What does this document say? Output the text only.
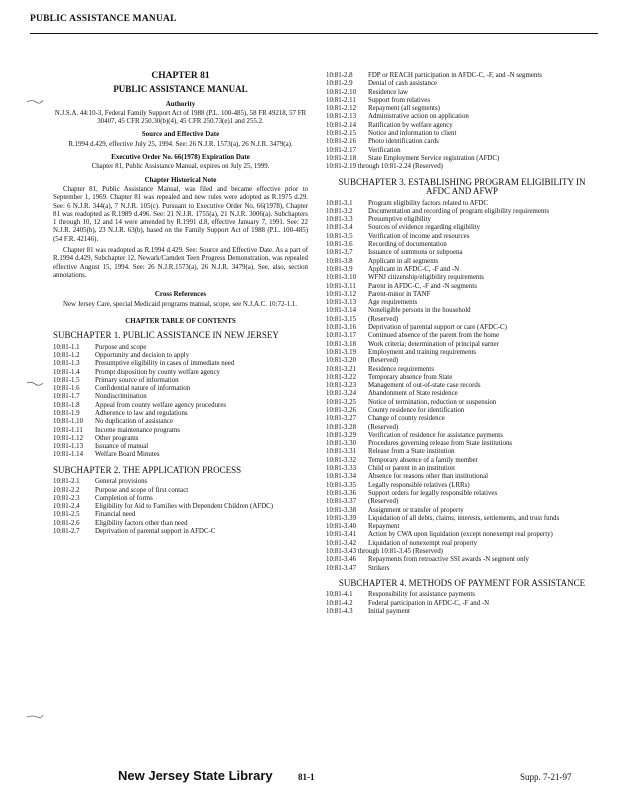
PUBLIC ASSISTANCE MANUAL
CHAPTER 81
PUBLIC ASSISTANCE MANUAL
Authority
N.J.S.A. 44:10-3, Federal Family Support Act of 1988 (P.L. 100-485), 58 FR 49218, 57 FR 30407, 45 CFR 250.30(b)(4), 45 CFR 250.73(e)1 and 255.2.
Source and Effective Date
R.1994 d.429, effective July 25, 1994. See: 26 N.J.R. 1573(a), 26 N.J.R. 3479(a).
Executive Order No. 66(1978) Expiration Date
Chapter 81, Public Assistance Manual, expires on July 25, 1999.
Chapter Historical Note
Chapter 81, Public Assistance Manual, was filed and became effective prior to September 1, 1969. Chapter 81 was repealed and new rules were adopted as R.1975 d.29. See: 6 N.J.R. 344(a), 7 N.J.R. 105(c). Pursuant to Executive Order No. 66(1978), Chapter 81 was readopted as R.1989 d.496. See: 21 N.J.R. 1755(a), 21 N.J.R. 3006(a). Subchapters 1 through 10, 12 and 14 were amended by R.1991 d.8, effective January 7, 1991. See: 22 N.J.R. 2405(b), 23 N.J.R. 63(b), based on the Family Support Act of 1988 (P.L. 100-485) (54 F.R. 42146).
Chapter 81 was readopted as R.1994 d.429. See: Source and Effective Date. As a part of R.1994 d.429, Subchapter 12, Newark/Camden Teen Progress Demonstration, was repealed effective August 15, 1994. See: 26 N.J.R.1573(a), 26 N.J.R. 3479(a). See, also, section annotations.
Cross References
New Jersey Care, special Medicaid programs manual, scope, see N.J.A.C. 10:72-1.1.
CHAPTER TABLE OF CONTENTS
SUBCHAPTER 1. PUBLIC ASSISTANCE IN NEW JERSEY
10:81-1.1	Purpose and scope
10:81-1.2	Opportunity and decision to apply
10:81-1.3	Presumptive eligibility in cases of immediate need
10:81-1.4	Prompt disposition by county welfare agency
10:81-1.5	Primary source of information
10:81-1.6	Confidential nature of information
10:81-1.7	Nondiscrimination
10:81-1.8	Appeal from county welfare agency procedures
10:81-1.9	Adherence to law and regulations
10:81-1.10	No duplication of assistance
10:81-1.11	Income maintenance programs
10:81-1.12	Other programs
10:81-1.13	Issuance of manual
10:81-1.14	Welfare Board Minutes
SUBCHAPTER 2. THE APPLICATION PROCESS
10:81-2.1	General provisions
10:81-2.2	Purpose and scope of first contact
10:81-2.3	Completion of forms
10:81-2.4	Eligibility for Aid to Families with Dependent Children (AFDC)
10:81-2.5	Financial need
10:81-2.6	Eligibility factors other than need
10:81-2.7	Deprivation of parental support in AFDC-C
10:81-2.8	FDP or REACH participation in AFDC-C, -F, and -N segments
10:81-2.9	Denial of cash assistance
10:81-2.10	Residence law
10:81-2.11	Support from relatives
10:81-2.12	Repayment (all segments)
10:81-2.13	Administrative action on application
10:81-2.14	Ratification by welfare agency
10:81-2.15	Notice and information to client
10:81-2.16	Photo identification cards
10:81-2.17	Verification
10:81-2.18	State Employment Service registration (AFDC)
10:81-2.19 through 10:81-2.24 (Reserved)
SUBCHAPTER 3. ESTABLISHING PROGRAM ELIGIBILITY IN AFDC AND AFWP
10:81-3.1	Program eligibility factors related to AFDC
10:81-3.2	Documentation and recording of program eligibility requirements
10:81-3.3	Presumptive eligibility
10:81-3.4	Sources of evidence regarding eligibility
10:81-3.5	Verification of income and resources
10:81-3.6	Recording of documentation
10:81-3.7	Issuance of summons or subpoena
10:81-3.8	Applicant in all segments
10:81-3.9	Applicant in AFDC-C, -F and -N
10:81-3.10	WFNJ citizenship/eligibility requirements
10:81-3.11	Parent in AFDC-C, -F and -N segments
10:81-3.12	Parent-minor in TANF
10:81-3.13	Age requirements
10:81-3.14	Noneligible persons in the household
10:81-3.15	(Reserved)
10:81-3.16	Deprivation of parental support or care (AFDC-C)
10:81-3.17	Continued absence of the parent from the home
10:81-3.18	Work criteria; determination of principal earner
10:81-3.19	Employment and training requirements
10:81-3.20	(Reserved)
10:81-3.21	Residence requirements
10:81-3.22	Temporary absence from State
10:81-3.23	Management of out-of-state case records
10:81-3.24	Abandonment of State residence
10:81-3.25	Notice of termination, reduction or suspension
10:81-3.26	County residence for identification
10:81-3.27	Change of county residence
10:81-3.28	(Reserved)
10:81-3.29	Verification of residence for assistance payments
10:81-3.30	Procedures governing release from State institutions
10:81-3.31	Release from a State institution
10:81-3.32	Temporary absence of a family member
10:81-3.33	Child or parent in an institution
10:81-3.34	Absence for reasons other than institutional
10:81-3.35	Legally responsible relatives (LRRs)
10:81-3.36	Support orders for legally responsible relatives
10:81-3.37	(Reserved)
10:81-3.38	Assignment or transfer of property
10:81-3.39	Liquidation of all debts, claims, interests, settlements, and trust funds
10:81-3.40	Repayment
10:81-3.41	Action by CWA upon liquidation (except nonexempt real property)
10:81-3.42	Liquidation of nonexempt real property
10:81-3.43 through 10:81-3.45 (Reserved)
10:81-3.46	Repayments from retroactive SSI awards -N segment only
10:81-3.47	Strikers
SUBCHAPTER 4. METHODS OF PAYMENT FOR ASSISTANCE
10:81-4.1	Responsibility for assistance payments
10:81-4.2	Federal participation in AFDC-C, -F and -N
10:81-4.3	Initial payment
New Jersey State Library	81-1	Supp. 7-21-97
